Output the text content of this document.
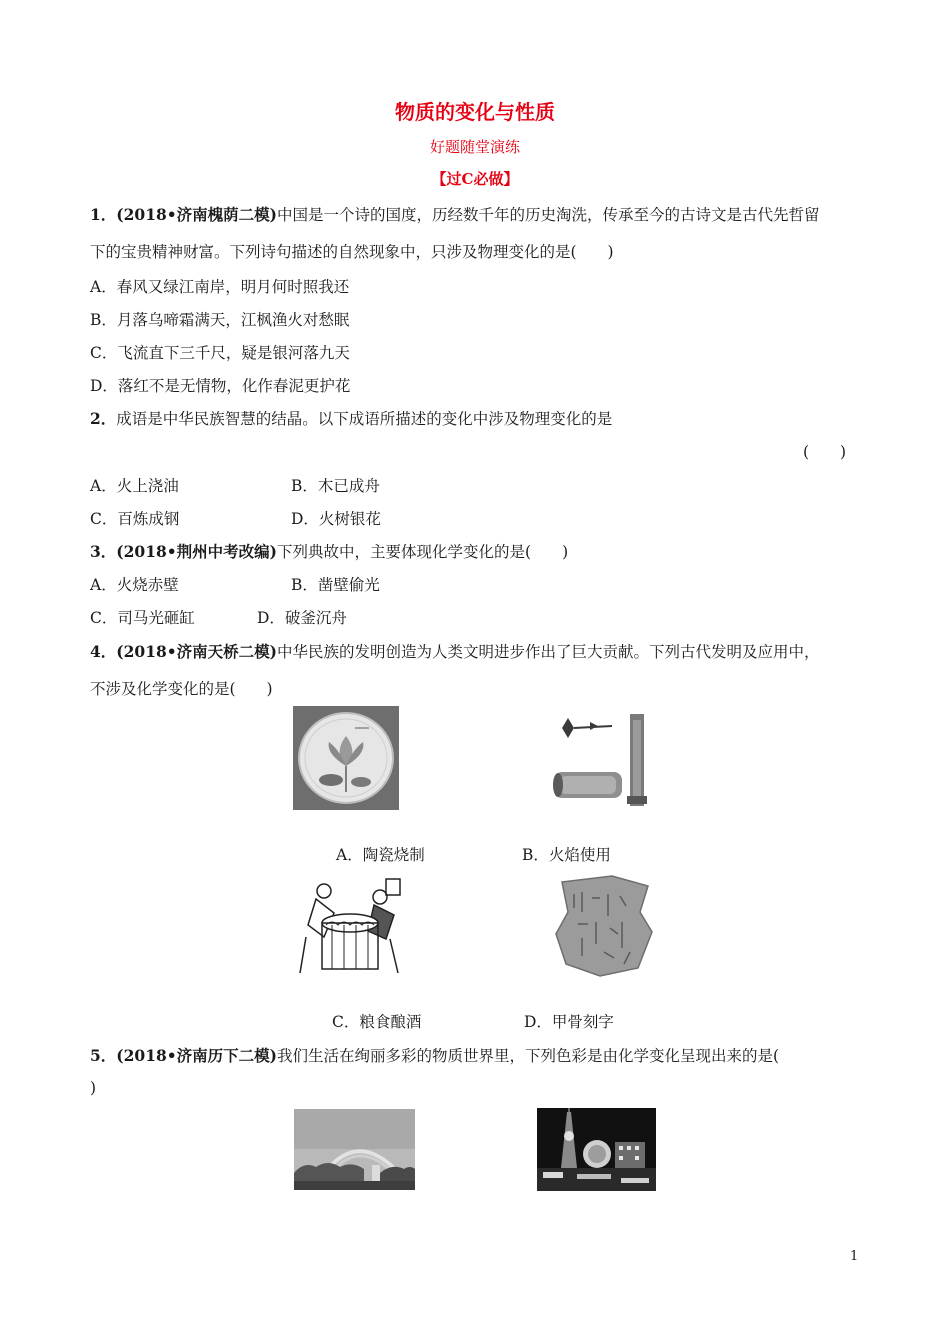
物质的变化与性质
好题随堂演练
【过C必做】
1．(2018•济南槐荫二模)中国是一个诗的国度，历经数千年的历史淘洗，传承至今的古诗文是古代先哲留
下的宝贵精神财富。下列诗句描述的自然现象中，只涉及物理变化的是(　　)
A．春风又绿江南岸，明月何时照我还
B．月落乌啼霜满天，江枫渔火对愁眠
C．飞流直下三千尺，疑是银河落九天
D．落红不是无情物，化作春泥更护花
2．成语是中华民族智慧的结晶。以下成语所描述的变化中涉及物理变化的是
(　　)
A．火上浇油	B．木已成舟
C．百炼成钢	D．火树银花
3．(2018•荆州中考改编)下列典故中，主要体现化学变化的是(　　)
A．火烧赤壁	B．凿壁偷光
C．司马光砸缸	D．破釜沉舟
4．(2018•济南天桥二模)中华民族的发明创造为人类文明进步作出了巨大贡献。下列古代发明及应用中，
不涉及化学变化的是(　　)
A．陶瓷烧制	B．火焰使用
C．粮食酿酒	D．甲骨刻字
5．(2018•济南历下二模)我们生活在绚丽多彩的物质世界里，下列色彩是由化学变化呈现出来的是(
)
1
